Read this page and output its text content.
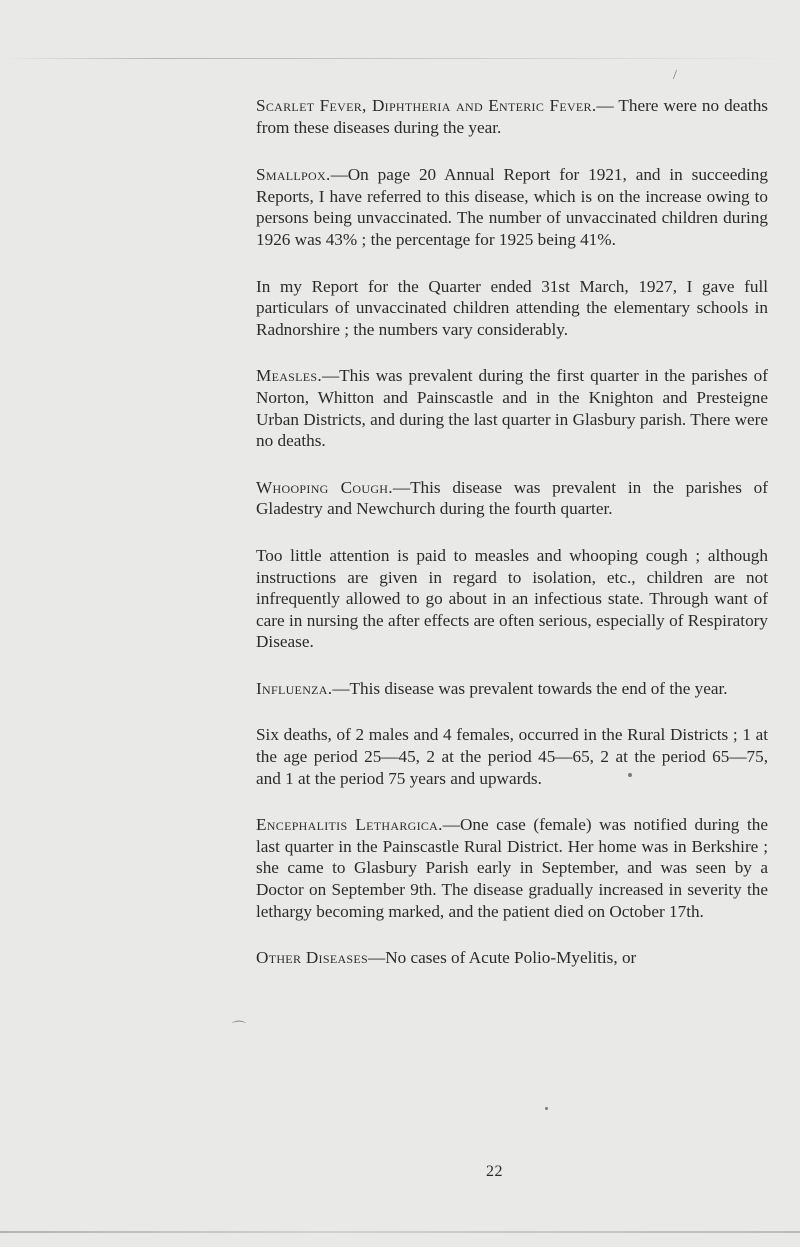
Scarlet Fever, Diphtheria and Enteric Fever.— There were no deaths from these diseases during the year.

Smallpox.—On page 20 Annual Report for 1921, and in succeeding Reports, I have referred to this disease, which is on the increase owing to persons being unvaccinated. The number of unvaccinated children during 1926 was 43% ; the percentage for 1925 being 41%.

In my Report for the Quarter ended 31st March, 1927, I gave full particulars of unvaccinated children attending the elementary schools in Radnorshire ; the numbers vary considerably.

Measles.—This was prevalent during the first quarter in the parishes of Norton, Whitton and Painscastle and in the Knighton and Presteigne Urban Districts, and during the last quarter in Glasbury parish. There were no deaths.

Whooping Cough.—This disease was prevalent in the parishes of Gladestry and Newchurch during the fourth quarter.

Too little attention is paid to measles and whooping cough ; although instructions are given in regard to isolation, etc., children are not infrequently allowed to go about in an infectious state. Through want of care in nursing the after effects are often serious, especially of Respiratory Disease.

Influenza.—This disease was prevalent towards the end of the year.

Six deaths, of 2 males and 4 females, occurred in the Rural Districts ; 1 at the age period 25—45, 2 at the period 45—65, 2 at the period 65—75, and 1 at the period 75 years and upwards.

Encephalitis Lethargica.—One case (female) was notified during the last quarter in the Painscastle Rural District. Her home was in Berkshire ; she came to Glasbury Parish early in September, and was seen by a Doctor on September 9th. The disease gradually increased in severity the lethargy becoming marked, and the patient died on October 17th.

Other Diseases—No cases of Acute Polio-Myelitis, or

22
⌒
/
